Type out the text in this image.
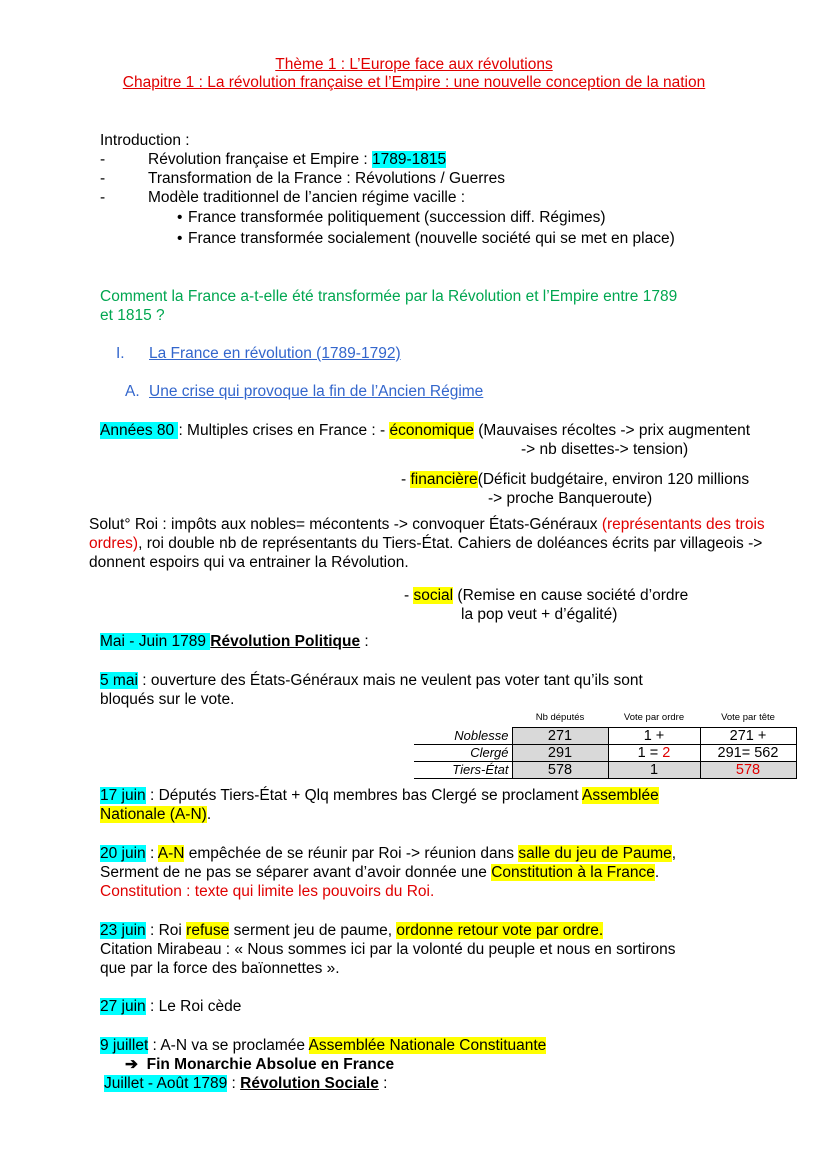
Thème 1 : L’Europe face aux révolutions
Chapitre 1 : La révolution française et l’Empire : une nouvelle conception de la nation
Introduction :
-	Révolution française et Empire : 1789-1815
-	Transformation de la France : Révolutions / Guerres
-	Modèle traditionnel de l’ancien régime vacille :
• France transformée politiquement (succession diff. Régimes)
• France transformée socialement (nouvelle société qui se met en place)
Comment la France a-t-elle été transformée par la Révolution et l’Empire entre 1789
et 1815 ?
I. La France en révolution (1789-1792)
A. Une crise qui provoque la fin de l’Ancien Régime
Années 80 : Multiples crises en France : - économique (Mauvaises récoltes -> prix augmentent
-> nb disettes-> tension)
- financière(Déficit budgétaire, environ 120 millions
-> proche Banqueroute)
Solut° Roi : impôts aux nobles= mécontents -> convoquer États-Généraux (représentants des trois
ordres), roi double nb de représentants du Tiers-État. Cahiers de doléances écrits par villageois ->
donnent espoirs qui va entrainer la Révolution.
- social (Remise en cause société d’ordre
la pop veut + d’égalité)
Mai - Juin 1789 Révolution Politique :
5 mai : ouverture des États-Généraux mais ne veulent pas voter tant qu’ils sont
bloqués sur le vote.
	Nb députés	Vote par ordre	Vote par tête
Noblesse	271	1 +	271 +
Clergé	291	1 = 2	291= 562
Tiers-État	578	1	578
17 juin : Députés Tiers-État + Qlq membres bas Clergé se proclament Assemblée
Nationale (A-N).
20 juin : A-N empêchée de se réunir par Roi -> réunion dans salle du jeu de Paume,
Serment de ne pas se séparer avant d’avoir donnée une Constitution à la France.
Constitution : texte qui limite les pouvoirs du Roi.
23 juin : Roi refuse serment jeu de paume, ordonne retour vote par ordre.
Citation Mirabeau : « Nous sommes ici par la volonté du peuple et nous en sortirons
que par la force des baïonnettes ».
27 juin : Le Roi cède
9 juillet : A-N va se proclamée Assemblée Nationale Constituante
➔ Fin Monarchie Absolue en France
Juillet - Août 1789 : Révolution Sociale :
